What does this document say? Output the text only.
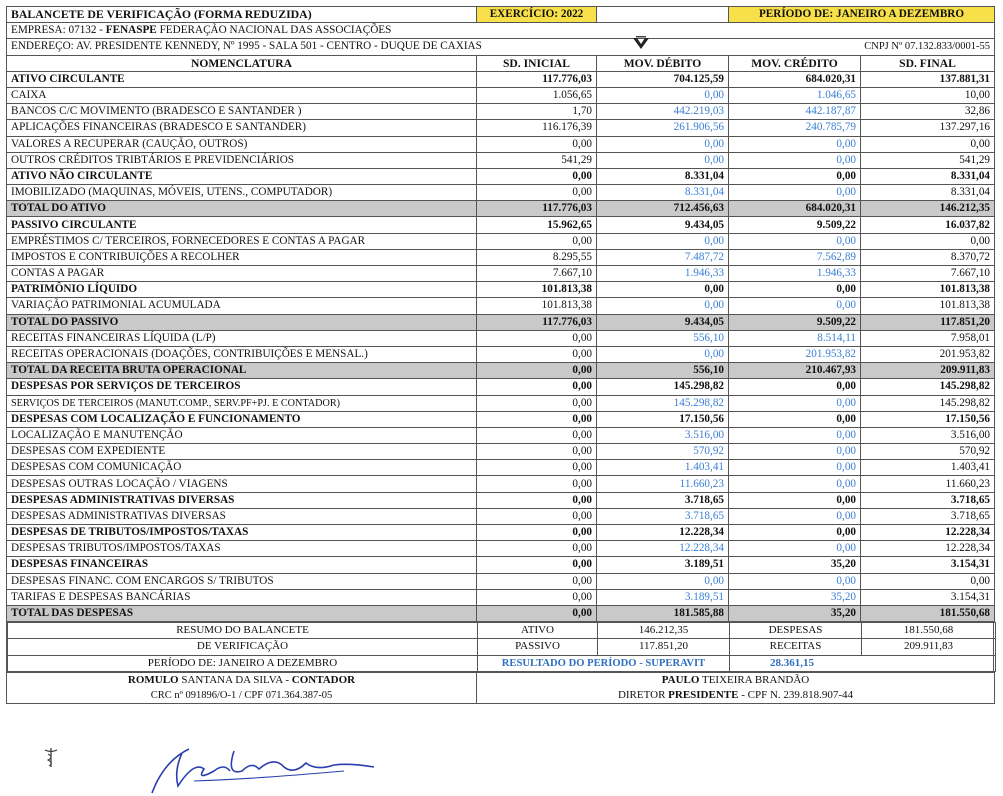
BALANCETE DE VERIFICAÇÃO (FORMA REDUZIDA)	EXERCÍCIO: 2022		PERÍODO DE: JANEIRO A DEZEMBRO	
EMPRESA: 07132 - FENASPE FEDERAÇÃO NACIONAL DAS ASSOCIAÇÕES				
ENDEREÇO: AV. PRESIDENTE KENNEDY, Nº 1995 - SALA 501 - CENTRO - DUQUE DE CAXIAS			CNPJ Nº 07.132.833/0001-55	
NOMENCLATURA	SD. INICIAL	MOV. DÉBITO	MOV. CRÉDITO	SD. FINAL
ATIVO CIRCULANTE	117.776,03	704.125,59	684.020,31	137.881,31
CAIXA	1.056,65	0,00	1.046,65	10,00
BANCOS C/C MOVIMENTO (BRADESCO E SANTANDER )	1,70	442.219,03	442.187,87	32,86
APLICAÇÕES FINANCEIRAS (BRADESCO E SANTANDER)	116.176,39	261.906,56	240.785,79	137.297,16
VALORES A RECUPERAR (CAUÇÃO, OUTROS)	0,00	0,00	0,00	0,00
OUTROS CRÉDITOS TRIBTÁRIOS E PREVIDENCIÁRIOS	541,29	0,00	0,00	541,29
ATIVO NÃO CIRCULANTE	0,00	8.331,04	0,00	8.331,04
IMOBILIZADO (MAQUINAS, MÓVEIS, UTENS., COMPUTADOR)	0,00	8.331,04	0,00	8.331,04
TOTAL DO ATIVO	117.776,03	712.456,63	684.020,31	146.212,35
PASSIVO CIRCULANTE	15.962,65	9.434,05	9.509,22	16.037,82
EMPRÉSTIMOS C/ TERCEIROS, FORNECEDORES E CONTAS A PAGAR	0,00	0,00	0,00	0,00
IMPOSTOS E CONTRIBUIÇÕES A RECOLHER	8.295,55	7.487,72	7.562,89	8.370,72
CONTAS A PAGAR	7.667,10	1.946,33	1.946,33	7.667,10
PATRIMÔNIO LÍQUIDO	101.813,38	0,00	0,00	101.813,38
VARIAÇÃO PATRIMONIAL ACUMULADA	101.813,38	0,00	0,00	101.813,38
TOTAL DO PASSIVO	117.776,03	9.434,05	9.509,22	117.851,20
RECEITAS FINANCEIRAS LÍQUIDA (L/P)	0,00	556,10	8.514,11	7.958,01
RECEITAS OPERACIONAIS (DOAÇÕES, CONTRIBUIÇÕES E MENSAL.)	0,00	0,00	201.953,82	201.953,82
TOTAL DA RECEITA BRUTA OPERACIONAL	0,00	556,10	210.467,93	209.911,83
DESPESAS POR SERVIÇOS DE TERCEIROS	0,00	145.298,82	0,00	145.298,82
SERVIÇOS DE TERCEIROS (MANUT.COMP., SERV.PF+PJ. E CONTADOR)	0,00	145.298,82	0,00	145.298,82
DESPESAS COM LOCALIZAÇÃO E FUNCIONAMENTO	0,00	17.150,56	0,00	17.150,56
LOCALIZAÇÃO E MANUTENÇÃO	0,00	3.516,00	0,00	3.516,00
DESPESAS COM EXPEDIENTE	0,00	570,92	0,00	570,92
DESPESAS COM COMUNICAÇÃO	0,00	1.403,41	0,00	1.403,41
DESPESAS OUTRAS LOCAÇÃO / VIAGENS	0,00	11.660,23	0,00	11.660,23
DESPESAS ADMINISTRATIVAS DIVERSAS	0,00	3.718,65	0,00	3.718,65
DESPESAS ADMINISTRATIVAS DIVERSAS	0,00	3.718,65	0,00	3.718,65
DESPESAS DE TRIBUTOS/IMPOSTOS/TAXAS	0,00	12.228,34	0,00	12.228,34
DESPESAS TRIBUTOS/IMPOSTOS/TAXAS	0,00	12.228,34	0,00	12.228,34
DESPESAS FINANCEIRAS	0,00	3.189,51	35,20	3.154,31
DESPESAS FINANC. COM ENCARGOS S/ TRIBUTOS	0,00	0,00	0,00	0,00
TARIFAS E DESPESAS BANCÁRIAS	0,00	3.189,51	35,20	3.154,31
TOTAL DAS DESPESAS	0,00	181.585,88	35,20	181.550,68
RESUMO DO BALANCETE	ATIVO	146.212,35	DESPESAS	181.550,68
DE VERIFICAÇÃO	PASSIVO	117.851,20	RECEITAS	209.911,83
PERÍODO DE: JANEIRO A DEZEMBRO	RESULTADO DO PERÍODO - SUPERAVIT		28.361,15	
ROMULO SANTANA DA SILVA - CONTADOR	PAULO TEIXEIRA BRANDÃO
CRC nº 091896/O-1 / CPF 071.364.387-05	DIRETOR PRESIDENTE - CPF N. 239.818.907-44
